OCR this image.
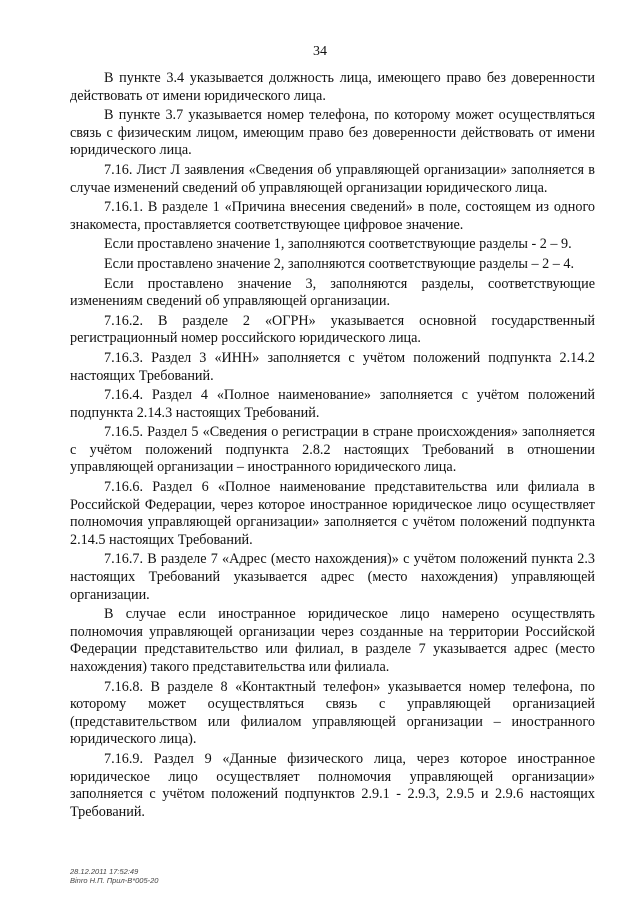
34

В пункте 3.4 указывается должность лица, имеющего право без доверенности действовать от имени юридического лица.

В пункте 3.7 указывается номер телефона, по которому может осуществляться связь с физическим лицом, имеющим право без доверенности действовать от имени юридического лица.

7.16. Лист Л заявления «Сведения об управляющей организации» заполняется в случае изменений сведений об управляющей организации юридического лица.

7.16.1. В разделе 1 «Причина внесения сведений» в поле, состоящем из одного знакоместа, проставляется соответствующее цифровое значение.

Если проставлено значение 1, заполняются соответствующие разделы - 2 – 9.

Если проставлено значение 2, заполняются соответствующие разделы – 2 – 4.

Если проставлено значение 3, заполняются разделы, соответствующие изменениям сведений об управляющей организации.

7.16.2. В разделе 2 «ОГРН» указывается основной государственный регистрационный номер российского юридического лица.

7.16.3. Раздел 3 «ИНН» заполняется с учётом положений подпункта 2.14.2 настоящих Требований.

7.16.4. Раздел 4 «Полное наименование» заполняется с учётом положений подпункта 2.14.3 настоящих Требований.

7.16.5. Раздел 5 «Сведения о регистрации в стране происхождения» заполняется с учётом положений подпункта 2.8.2 настоящих Требований в отношении управляющей организации – иностранного юридического лица.

7.16.6. Раздел 6 «Полное наименование представительства или филиала в Российской Федерации, через которое иностранное юридическое лицо осуществляет полномочия управляющей организации» заполняется с учётом положений подпункта 2.14.5 настоящих Требований.

7.16.7. В разделе 7 «Адрес (место нахождения)» с учётом положений пункта 2.3 настоящих Требований указывается адрес (место нахождения) управляющей организации.

В случае если иностранное юридическое лицо намерено осуществлять полномочия управляющей организации через созданные на территории Российской Федерации представительство или филиал, в разделе 7 указывается адрес (место нахождения) такого представительства или филиала.

7.16.8. В разделе 8 «Контактный телефон» указывается номер телефона, по которому может осуществляться связь с управляющей организацией (представительством или филиалом управляющей организации – иностранного юридического лица).

7.16.9. Раздел 9 «Данные физического лица, через которое иностранное юридическое лицо осуществляет полномочия управляющей организации» заполняется с учётом положений подпунктов 2.9.1 - 2.9.3, 2.9.5 и 2.9.6 настоящих Требований.

28.12.2011 17:52:49
Binro Н.П. Прил-В*005-20
